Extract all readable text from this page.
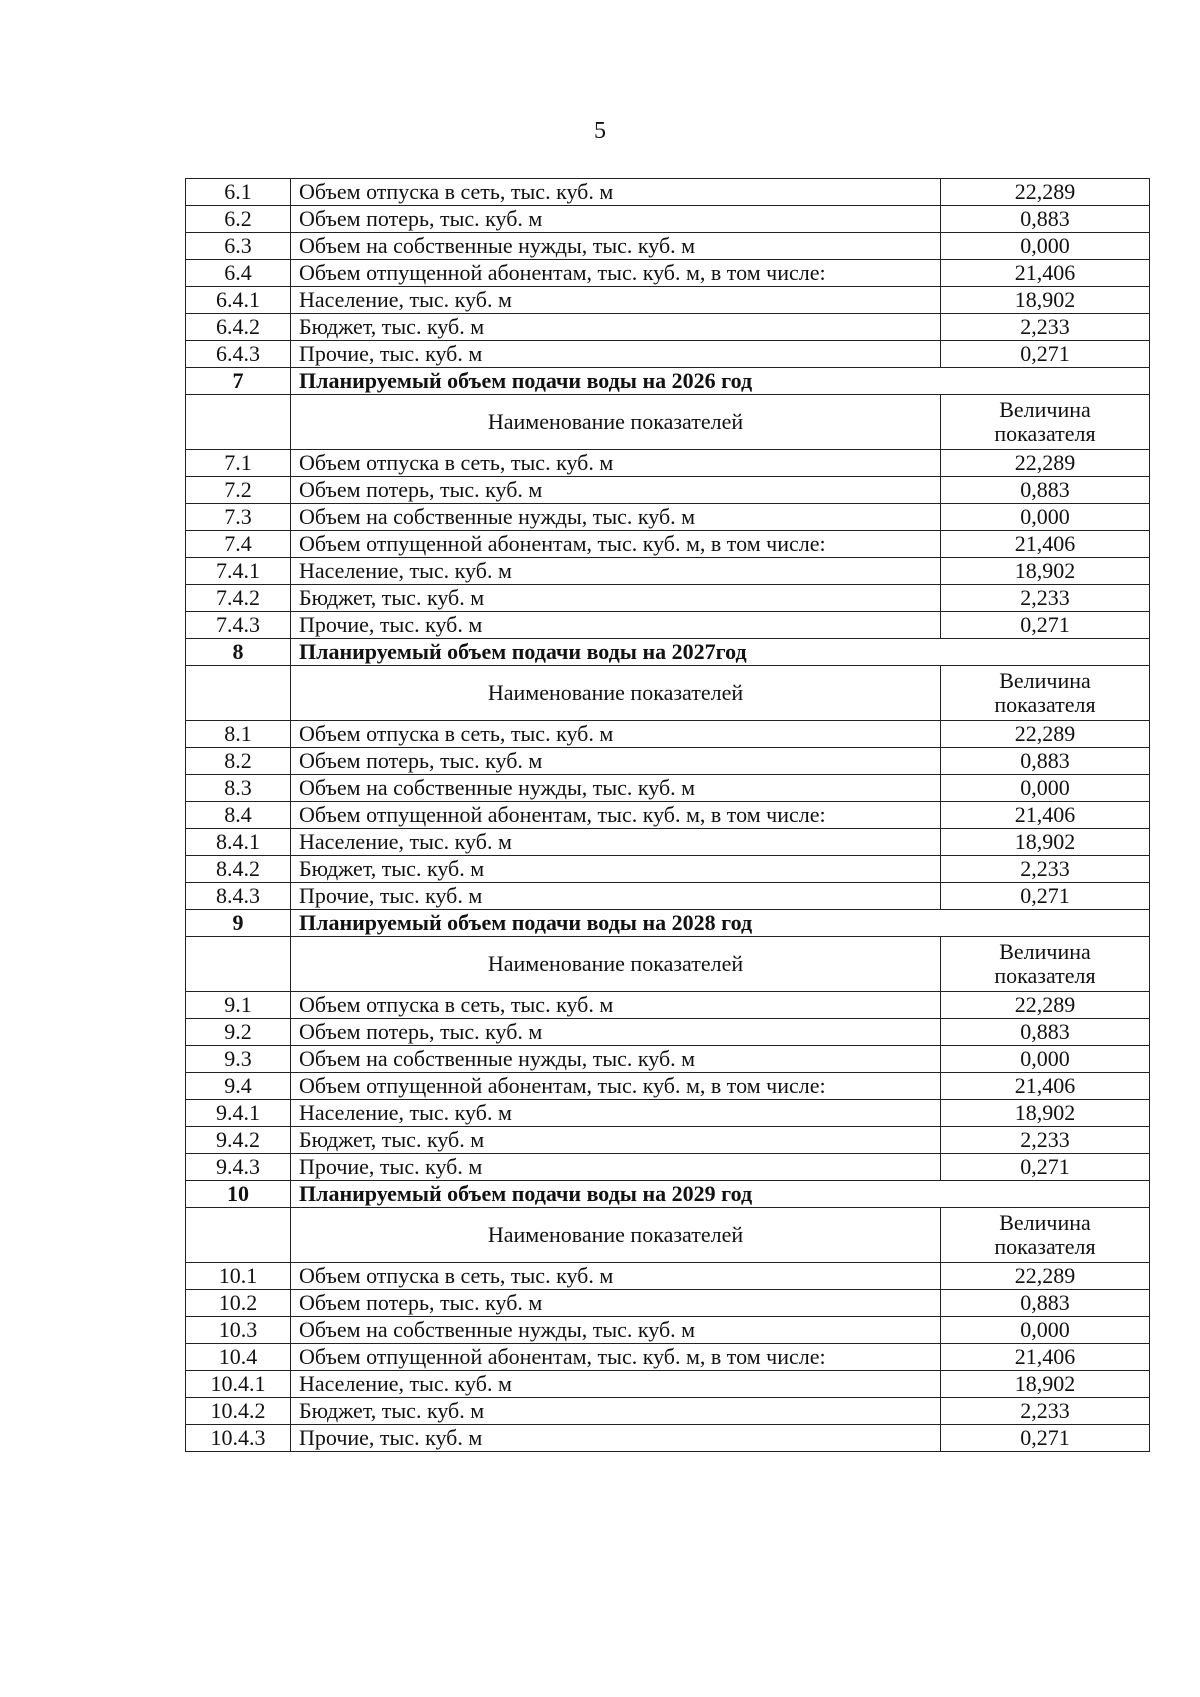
5
6.1	Объем отпуска в сеть, тыс. куб. м	22,289
6.2	Объем потерь, тыс. куб. м	0,883
6.3	Объем на собственные нужды, тыс. куб. м	0,000
6.4	Объем отпущенной абонентам, тыс. куб. м, в том числе:	21,406
6.4.1	Население, тыс. куб. м	18,902
6.4.2	Бюджет, тыс. куб. м	2,233
6.4.3	Прочие, тыс. куб. м	0,271
7	Планируемый объем подачи воды на 2026 год	
	Наименование показателей	Величина
показателя

7.1	Объем отпуска в сеть, тыс. куб. м	22,289
7.2	Объем потерь, тыс. куб. м	0,883
7.3	Объем на собственные нужды, тыс. куб. м	0,000
7.4	Объем отпущенной абонентам, тыс. куб. м, в том числе:	21,406
7.4.1	Население, тыс. куб. м	18,902
7.4.2	Бюджет, тыс. куб. м	2,233
7.4.3	Прочие, тыс. куб. м	0,271
8	Планируемый объем подачи воды на 2027год	
	Наименование показателей	Величина
показателя

8.1	Объем отпуска в сеть, тыс. куб. м	22,289
8.2	Объем потерь, тыс. куб. м	0,883
8.3	Объем на собственные нужды, тыс. куб. м	0,000
8.4	Объем отпущенной абонентам, тыс. куб. м, в том числе:	21,406
8.4.1	Население, тыс. куб. м	18,902
8.4.2	Бюджет, тыс. куб. м	2,233
8.4.3	Прочие, тыс. куб. м	0,271
9	Планируемый объем подачи воды на 2028 год	
	Наименование показателей	Величина
показателя

9.1	Объем отпуска в сеть, тыс. куб. м	22,289
9.2	Объем потерь, тыс. куб. м	0,883
9.3	Объем на собственные нужды, тыс. куб. м	0,000
9.4	Объем отпущенной абонентам, тыс. куб. м, в том числе:	21,406
9.4.1	Население, тыс. куб. м	18,902
9.4.2	Бюджет, тыс. куб. м	2,233
9.4.3	Прочие, тыс. куб. м	0,271
10	Планируемый объем подачи воды на 2029 год	
	Наименование показателей	Величина
показателя

10.1	Объем отпуска в сеть, тыс. куб. м	22,289
10.2	Объем потерь, тыс. куб. м	0,883
10.3	Объем на собственные нужды, тыс. куб. м	0,000
10.4	Объем отпущенной абонентам, тыс. куб. м, в том числе:	21,406
10.4.1	Население, тыс. куб. м	18,902
10.4.2	Бюджет, тыс. куб. м	2,233
10.4.3	Прочие, тыс. куб. м	0,271
